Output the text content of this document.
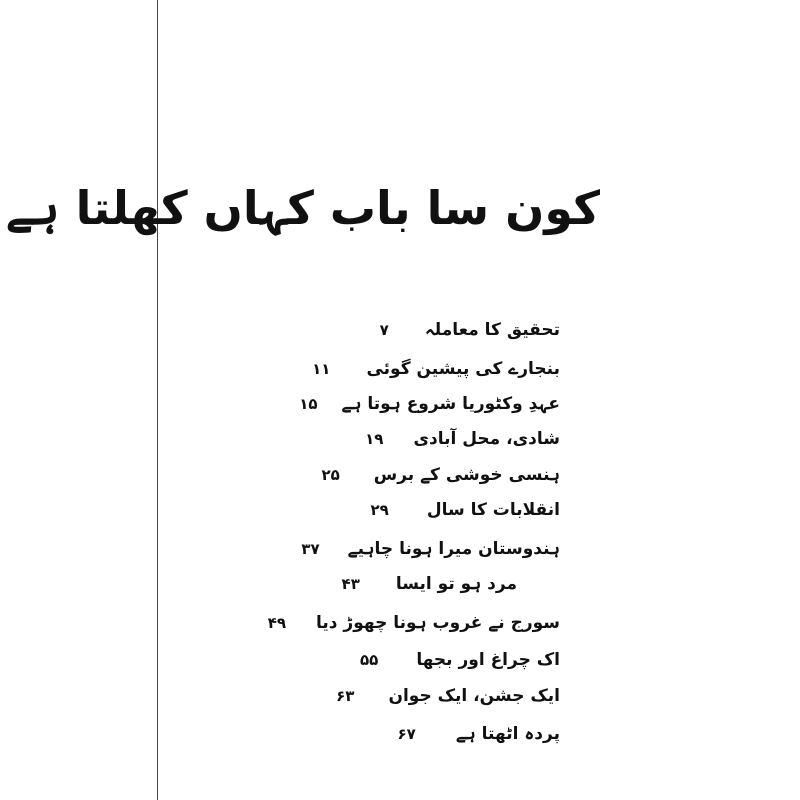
کون سا باب کہاں کھلتا ہے
تحقیق کا معاملہ
۷
بنجارے کی پیشین گوئی
۱۱
عہدِ وکٹوریا شروع ہوتا ہے
۱۵
شادی، محل آبادی
۱۹
ہنسی خوشی کے برس
۲۵
انقلابات کا سال
۲۹
ہندوستان میرا ہونا چاہیے
۳۷
مرد ہو تو ایسا
۴۳
سورج نے غروب ہونا چھوڑ دیا
۴۹
اک چراغ اور بجھا
۵۵
ایک جشن، ایک جوان
۶۳
پردہ اٹھتا ہے
۶۷
